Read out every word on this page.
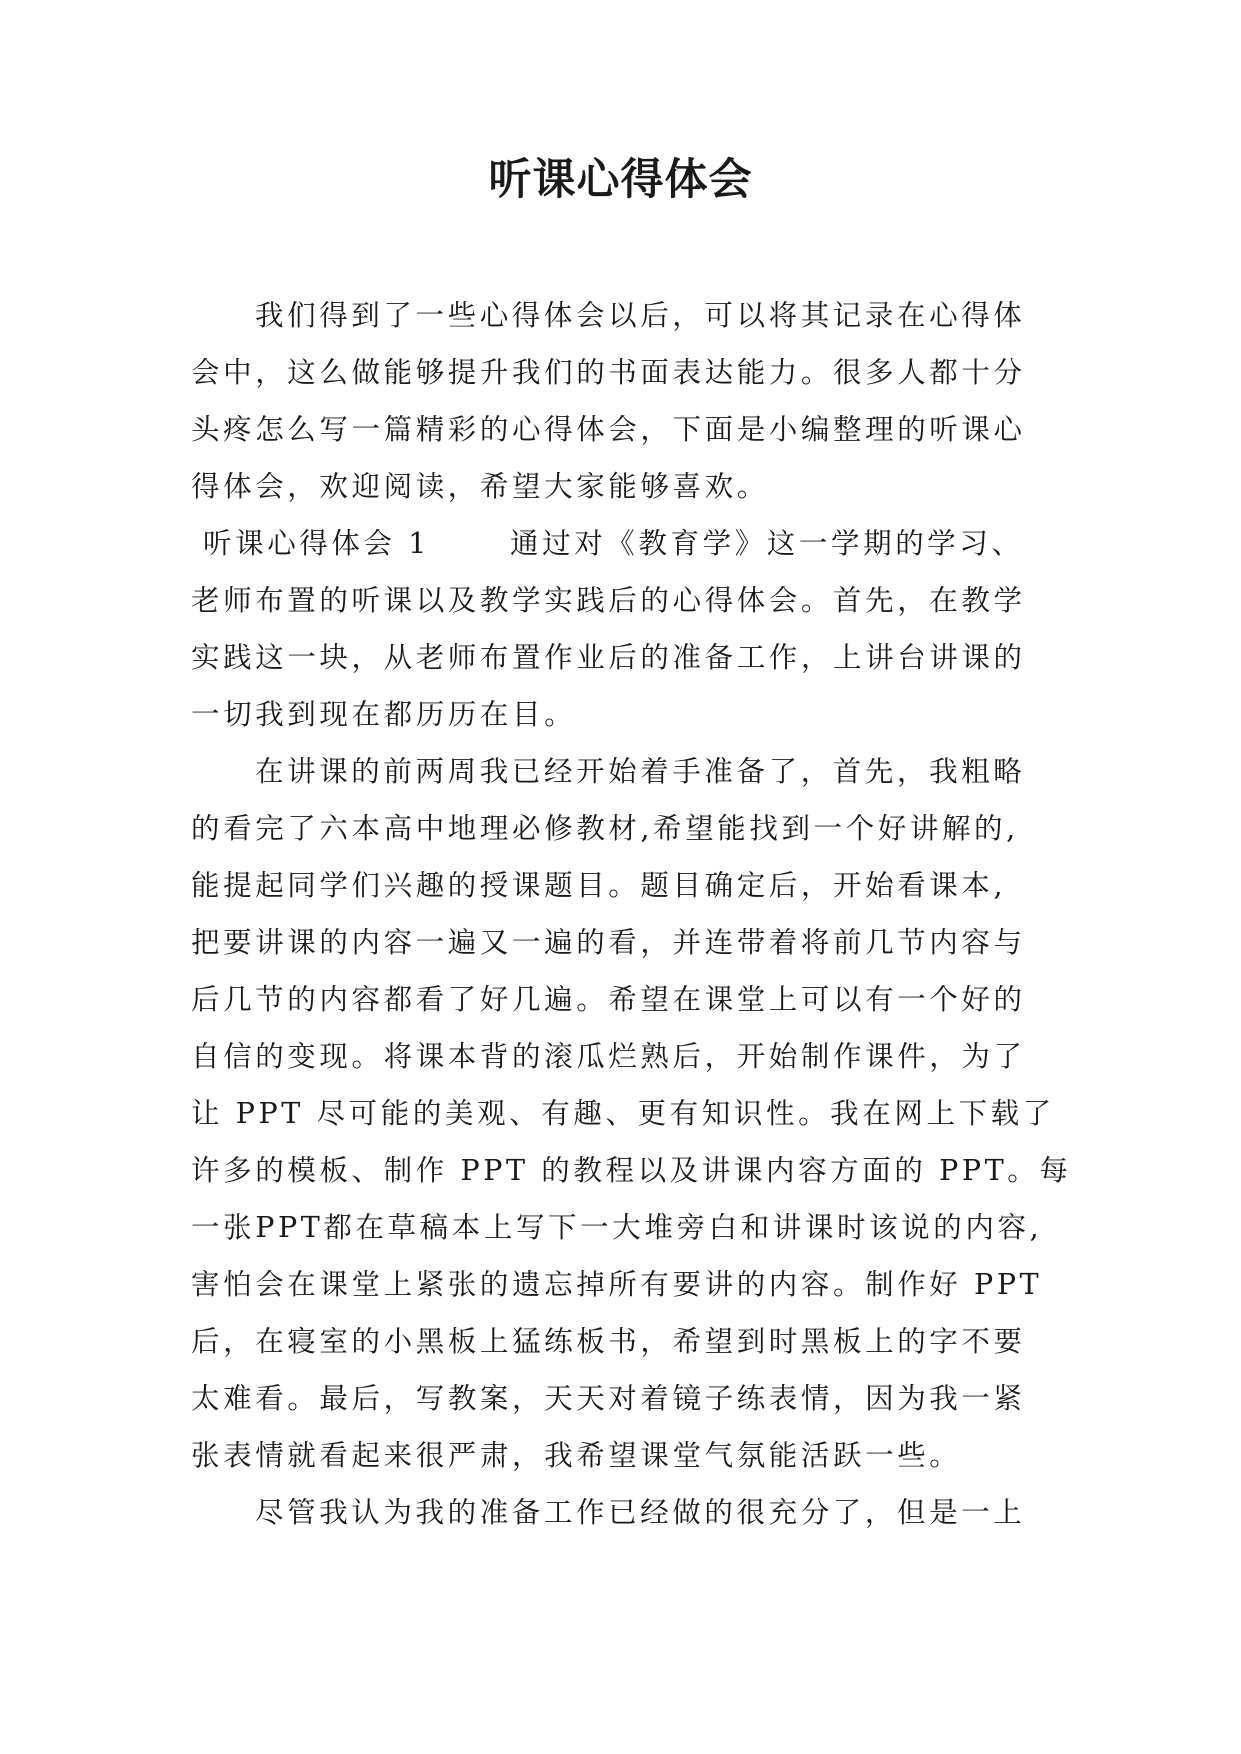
听课心得体会
我们得到了一些心得体会以后，可以将其记录在心得体
会中，这么做能够提升我们的书面表达能力。很多人都十分
头疼怎么写一篇精彩的心得体会，下面是小编整理的听课心
得体会，欢迎阅读，希望大家能够喜欢。
听课心得体会 1	通过对《教育学》这一学期的学习、
老师布置的听课以及教学实践后的心得体会。首先，在教学
实践这一块，从老师布置作业后的准备工作，上讲台讲课的
一切我到现在都历历在目。
在讲课的前两周我已经开始着手准备了，首先，我粗略
的看完了六本高中地理必修教材,希望能找到一个好讲解的,
能提起同学们兴趣的授课题目。题目确定后，开始看课本,
把要讲课的内容一遍又一遍的看，并连带着将前几节内容与
后几节的内容都看了好几遍。希望在课堂上可以有一个好的
自信的变现。将课本背的滚瓜烂熟后，开始制作课件，为了
让 PPT 尽可能的美观、有趣、更有知识性。我在网上下载了
许多的模板、制作 PPT 的教程以及讲课内容方面的 PPT。每
一张PPT都在草稿本上写下一大堆旁白和讲课时该说的内容,
害怕会在课堂上紧张的遗忘掉所有要讲的内容。制作好 PPT
后，在寝室的小黑板上猛练板书，希望到时黑板上的字不要
太难看。最后，写教案，天天对着镜子练表情，因为我一紧
张表情就看起来很严肃，我希望课堂气氛能活跃一些。
尽管我认为我的准备工作已经做的很充分了，但是一上
